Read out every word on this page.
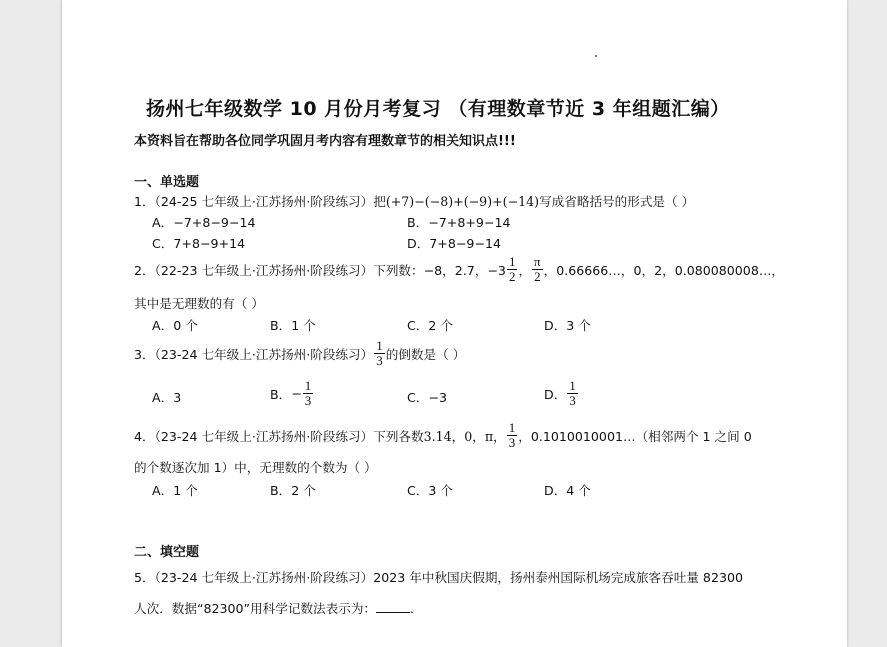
扬州七年级数学 10 月份月考复习 （有理数章节近 3 年组题汇编）
本资料旨在帮助各位同学巩固月考内容有理数章节的相关知识点!!!
一、单选题
1．（24-25 七年级上·江苏扬州·阶段练习）把(+7)−(−8)+(−9)+(−14)写成省略括号的形式是（ ）
A．−7+8−9−14	B．−7+8+9−14
C．7+8−9+14	D．7+8−9−14
2．（22-23 七年级上·江苏扬州·阶段练习）下列数：−8，2.7，$-3 \frac{1}{2}$ ， $\frac{\pi}{2}$ ，0.66666…，0，2，0.080080008…，
其中是无理数的有（ ）
A．0 个	B．1 个	C．2 个	D．3 个
3．（23-24 七年级上·江苏扬州·阶段练习） $\frac{1}{3}$ 的倒数是（ ）
A．3	B． − $\frac{1}{3}$	C．−3	D． $\frac{1}{3}$
4．（23-24 七年级上·江苏扬州·阶段练习）下列各数 3.14，0，π， $\frac{1}{3}$ ，0.1010010001…（相邻两个 1 之间 0
的个数逐次加 1）中，无理数的个数为（ ）
A．1 个	B．2 个	C．3 个	D．4 个
二、填空题
5．（23-24 七年级上·江苏扬州·阶段练习）2023 年中秋国庆假期，扬州泰州国际机场完成旅客吞吐量 82300
人次．数据“82300”用科学记数法表示为：	.
